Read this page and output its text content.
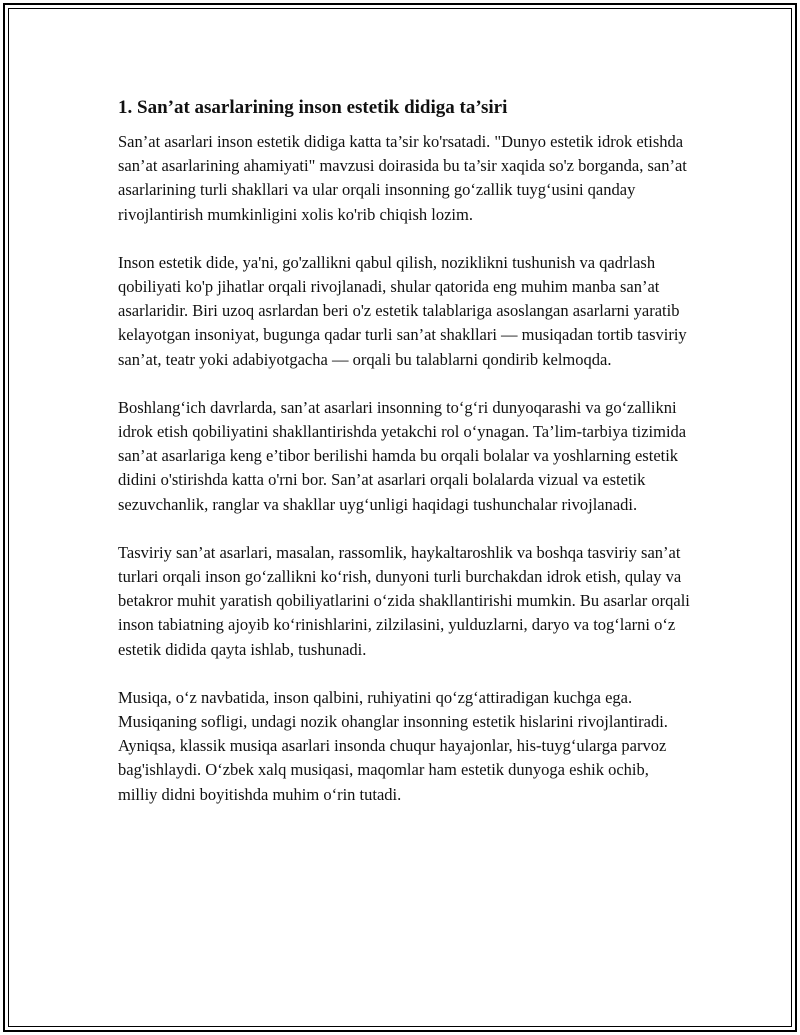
1. San’at asarlarining inson estetik didiga ta’siri

San’at asarlari inson estetik didiga katta ta’sir ko'rsatadi. "Dunyo estetik idrok etishda san’at asarlarining ahamiyati" mavzusi doirasida bu ta’sir xaqida so'z borganda, san’at asarlarining turli shakllari va ular orqali insonning go‘zallik tuyg‘usini qanday rivojlantirish mumkinligini xolis ko'rib chiqish lozim.

Inson estetik dide, ya'ni, go'zallikni qabul qilish, noziklikni tushunish va qadrlash qobiliyati ko'p jihatlar orqali rivojlanadi, shular qatorida eng muhim manba san’at asarlaridir. Biri uzoq asrlardan beri o'z estetik talablariga asoslangan asarlarni yaratib kelayotgan insoniyat, bugunga qadar turli san’at shakllari — musiqadan tortib tasviriy san’at, teatr yoki adabiyotgacha — orqali bu talablarni qondirib kelmoqda.

Boshlang‘ich davrlarda, san’at asarlari insonning to‘g‘ri dunyoqarashi va go‘zallikni idrok etish qobiliyatini shakllantirishda yetakchi rol o‘ynagan. Ta’lim-tarbiya tizimida san’at asarlariga keng e’tibor berilishi hamda bu orqali bolalar va yoshlarning estetik didini o'stirishda katta o'rni bor. San’at asarlari orqali bolalarda vizual va estetik sezuvchanlik, ranglar va shakllar uyg‘unligi haqidagi tushunchalar rivojlanadi.

Tasviriy san’at asarlari, masalan, rassomlik, haykaltaroshlik va boshqa tasviriy san’at turlari orqali inson go‘zallikni ko‘rish, dunyoni turli burchakdan idrok etish, qulay va betakror muhit yaratish qobiliyatlarini o‘zida shakllantirishi mumkin. Bu asarlar orqali inson tabiatning ajoyib ko‘rinishlarini, zilzilasini, yulduzlarni, daryo va tog‘larni o‘z estetik didida qayta ishlab, tushunadi.

Musiqa, o‘z navbatida, inson qalbini, ruhiyatini qo‘zg‘attiradigan kuchga ega. Musiqaning sofligi, undagi nozik ohanglar insonning estetik hislarini rivojlantiradi. Ayniqsa, klassik musiqa asarlari insonda chuqur hayajonlar, his-tuyg‘ularga parvoz bag'ishlaydi. O‘zbek xalq musiqasi, maqomlar ham estetik dunyoga eshik ochib, milliy didni boyitishda muhim o‘rin tutadi.
